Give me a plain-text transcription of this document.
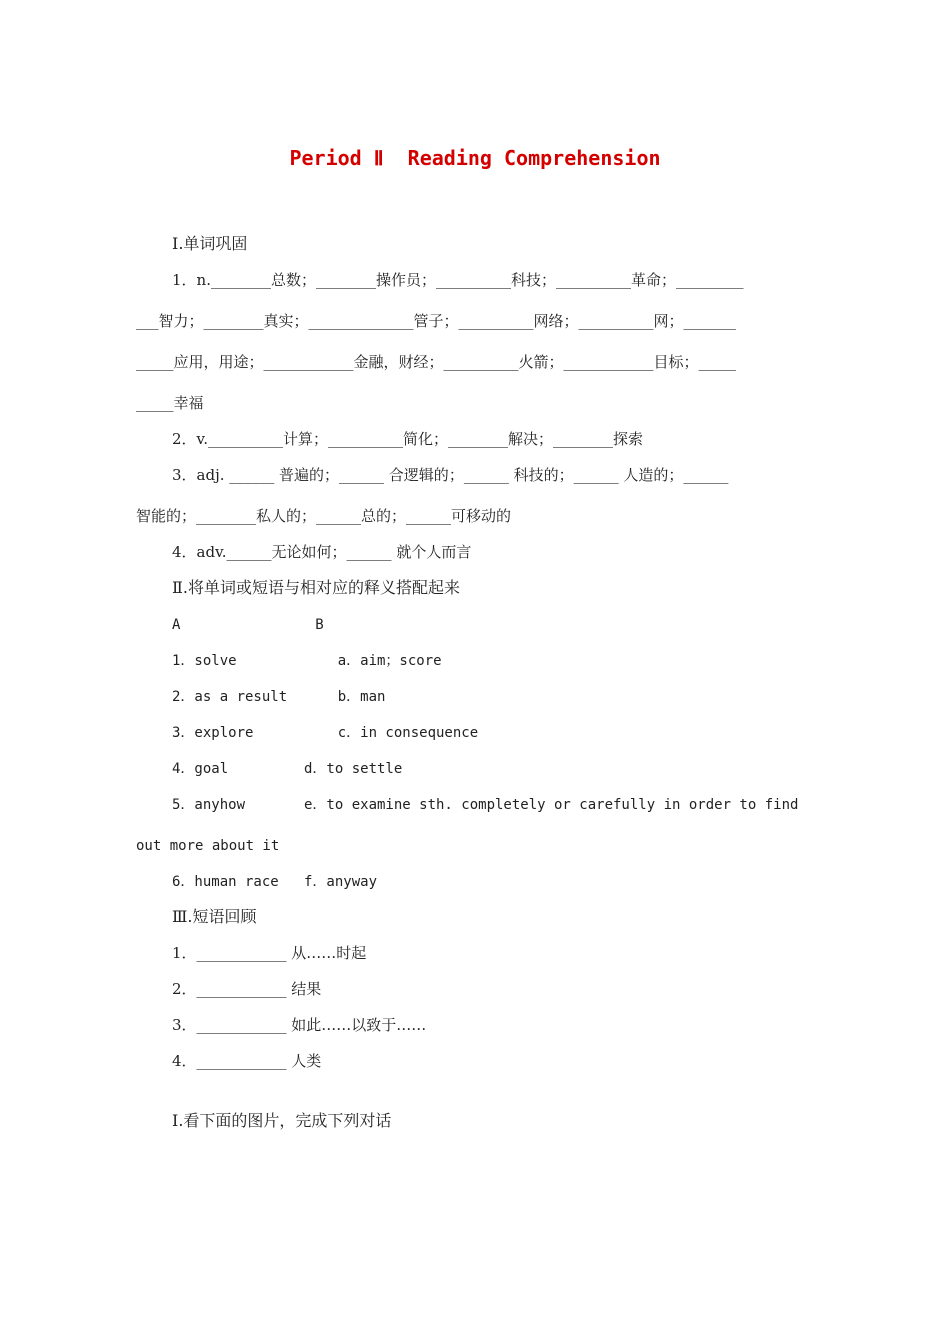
Period Ⅱ  Reading Comprehension
Ⅰ.单词巩固
1．n.________总数；________操作员；__________科技；__________革命；_________
___智力；________真实；______________管子；__________网络；__________网；_______
_____应用，用途；____________金融，财经；__________火箭；____________目标；_____
_____幸福
2．v.__________计算；__________简化；________解决；________探索
3．adj. ______ 普遍的；______ 合逻辑的；______ 科技的；______ 人造的；______
智能的；________私人的；______总的；______可移动的
4．adv.______无论如何；______ 就个人而言
Ⅱ.将单词或短语与相对应的释义搭配起来
A                B
1．solve            a．aim；score
2．as a result      b．man
3．explore          c．in consequence
4．goal         d．to settle
5．anyhow       e．to examine sth. completely or carefully in order to find
out more about it
6．human race   f．anyway
Ⅲ.短语回顾
1．____________ 从……时起
2．____________ 结果
3．____________ 如此……以致于……
4．____________ 人类
Ⅰ.看下面的图片，完成下列对话
